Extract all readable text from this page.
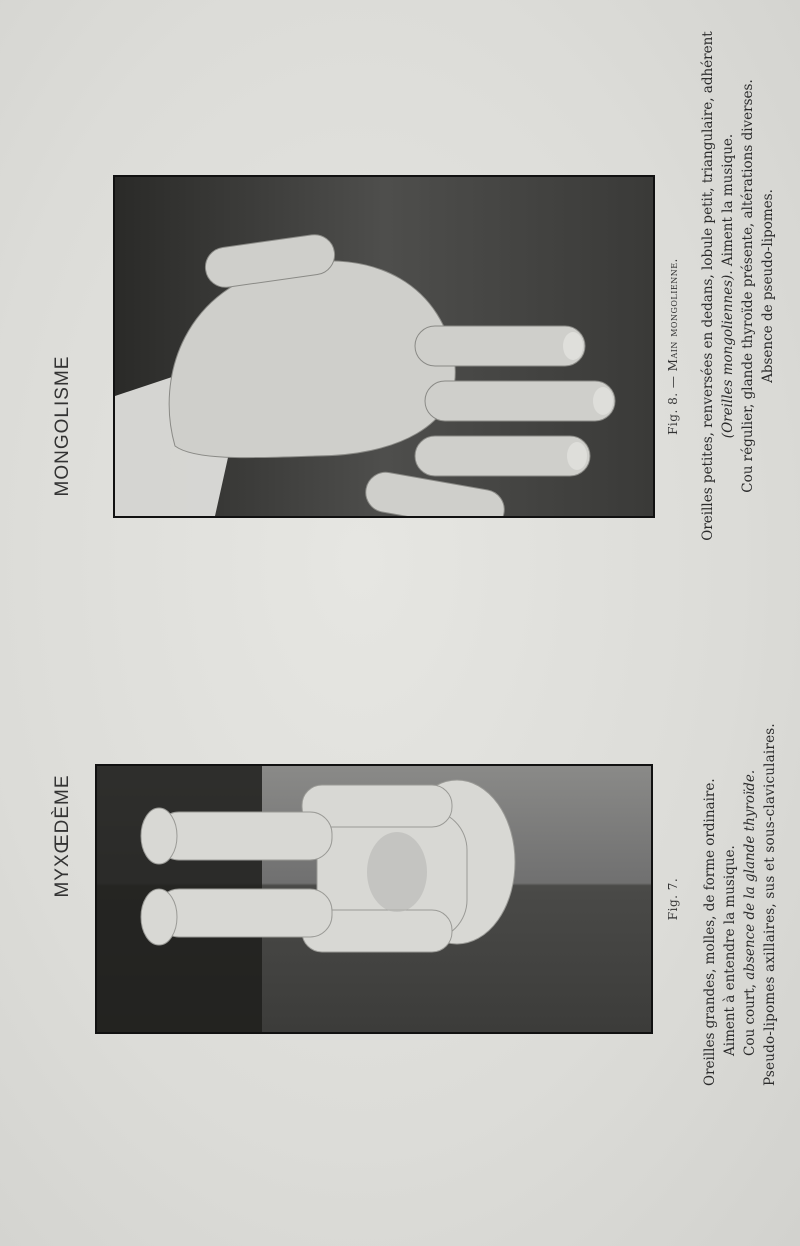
MYXŒDÈME
MONGOLISME
Fig. 7.
Fig. 8. — Main mongolienne.
Oreilles grandes, molles, de forme ordinaire. Aiment à entendre la musique. Cou court, absence de la glande thyroïde. Pseudo-lipomes axillaires, sus et sous-claviculaires.
Oreilles petites, renversées en dedans, lobule petit, triangulaire, adhérent (Oreilles mongoliennes). Aiment la musique. Cou régulier, glande thyroïde présente, altérations diverses. Absence de pseudo-lipomes.
